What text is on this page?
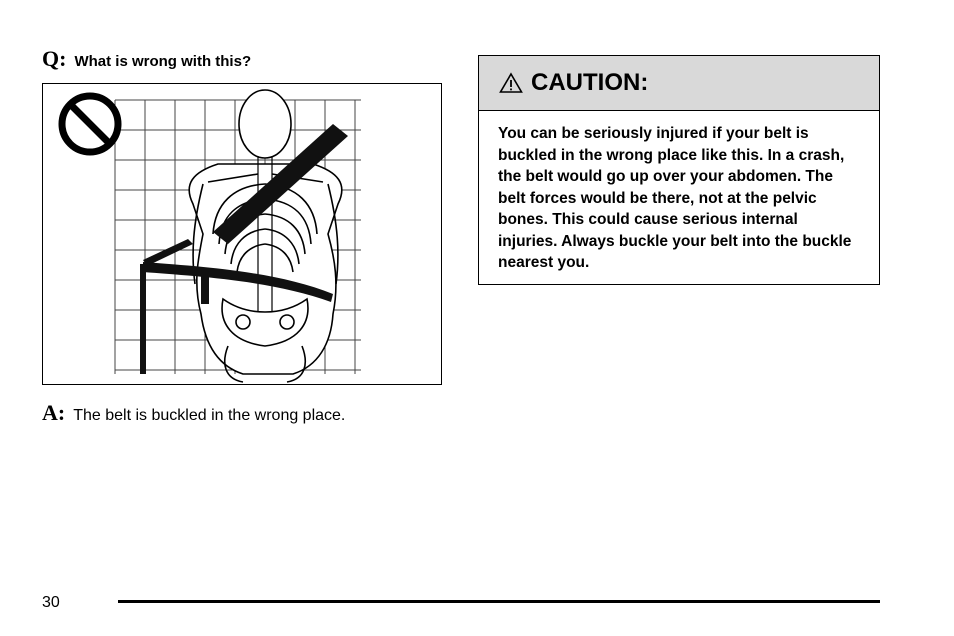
Q: What is wrong with this?
A: The belt is buckled in the wrong place.
CAUTION:
You can be seriously injured if your belt is buckled in the wrong place like this. In a crash, the belt would go up over your abdomen. The belt forces would be there, not at the pelvic bones. This could cause serious internal injuries. Always buckle your belt into the buckle nearest you.
30
